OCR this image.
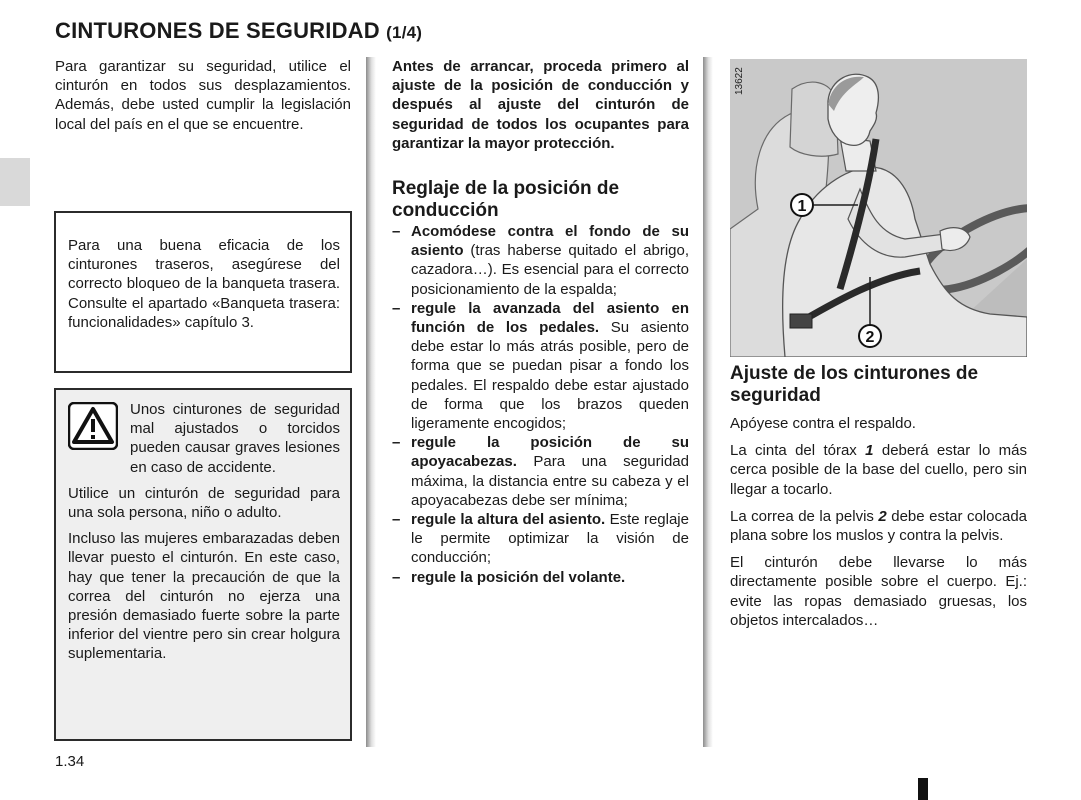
CINTURONES DE SEGURIDAD (1/4)

Para garantizar su seguridad, utilice el cinturón en todos sus desplazamientos. Además, debe usted cumplir la legislación local del país en el que se encuentre.

Para una buena eficacia de los cinturones traseros, asegúrese del correcto bloqueo de la banqueta trasera. Consulte el apartado «Banqueta trasera: funcionalidades» capítulo 3.

Unos cinturones de seguridad mal ajustados o torcidos pueden causar graves lesiones en caso de accidente.

Utilice un cinturón de seguridad para una sola persona, niño o adulto.

Incluso las mujeres embarazadas deben llevar puesto el cinturón. En este caso, hay que tener la precaución de que la correa del cinturón no ejerza una presión demasiado fuerte sobre la parte inferior del vientre pero sin crear holgura suplementaria.

Antes de arrancar, proceda primero al ajuste de la posición de conducción y después al ajuste del cinturón de seguridad de todos los ocupantes para garantizar la mayor protección.

Reglaje de la posición de conducción
– Acomódese contra el fondo de su asiento (tras haberse quitado el abrigo, cazadora…). Es esencial para el correcto posicionamiento de la espalda;
– regule la avanzada del asiento en función de los pedales. Su asiento debe estar lo más atrás posible, pero de forma que se puedan pisar a fondo los pedales. El respaldo debe estar ajustado de forma que los brazos queden ligeramente encogidos;
– regule la posición de su apoyacabezas. Para una seguridad máxima, la distancia entre su cabeza y el apoyacabezas debe ser mínima;
– regule la altura del asiento. Este reglaje le permite optimizar la visión de conducción;
– regule la posición del volante.
1
2
13622
Ajuste de los cinturones de seguridad

Apóyese contra el respaldo.

La cinta del tórax 1 deberá estar lo más cerca posible de la base del cuello, pero sin llegar a tocarlo.

La correa de la pelvis 2 debe estar colocada plana sobre los muslos y contra la pelvis.

El cinturón debe llevarse lo más directamente posible sobre el cuerpo. Ej.: evite las ropas demasiado gruesas, los objetos intercalados…

1.34
